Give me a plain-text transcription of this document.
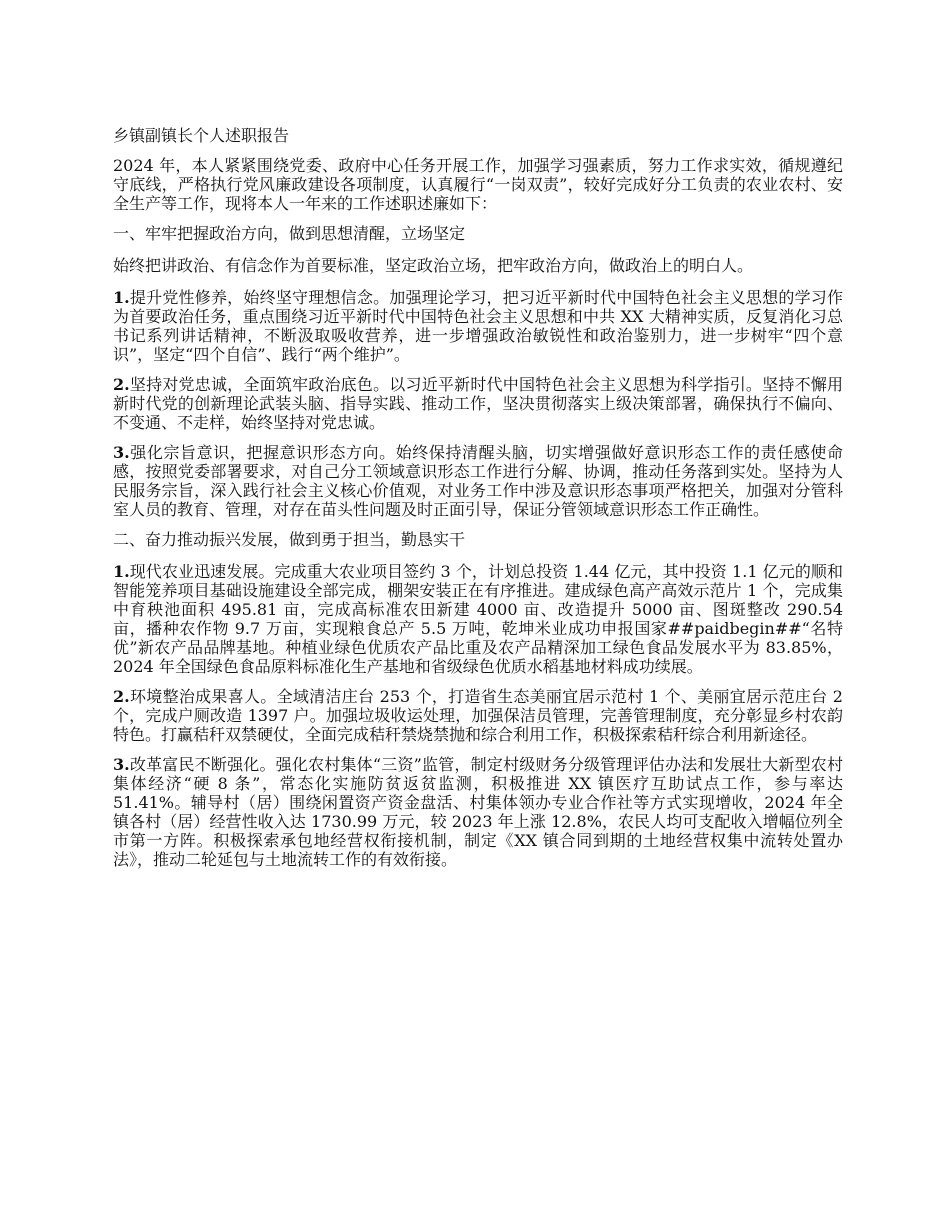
乡镇副镇长个人述职报告

2024 年，本人紧紧围绕党委、政府中心任务开展工作，加强学习强素质，努力工作求实效，循规遵纪守底线，严格执行党风廉政建设各项制度，认真履行“一岗双责”，较好完成好分工负责的农业农村、安全生产等工作，现将本人一年来的工作述职述廉如下：

一、牢牢把握政治方向，做到思想清醒，立场坚定

始终把讲政治、有信念作为首要标准，坚定政治立场，把牢政治方向，做政治上的明白人。

1.提升党性修养，始终坚守理想信念。加强理论学习，把习近平新时代中国特色社会主义思想的学习作为首要政治任务，重点围绕习近平新时代中国特色社会主义思想和中共 XX 大精神实质，反复消化习总书记系列讲话精神，不断汲取吸收营养，进一步增强政治敏锐性和政治鉴别力，进一步树牢“四个意识”，坚定“四个自信”、践行“两个维护”。

2.坚持对党忠诚，全面筑牢政治底色。以习近平新时代中国特色社会主义思想为科学指引。坚持不懈用新时代党的创新理论武装头脑、指导实践、推动工作，坚决贯彻落实上级决策部署，确保执行不偏向、不变通、不走样，始终坚持对党忠诚。

3.强化宗旨意识，把握意识形态方向。始终保持清醒头脑，切实增强做好意识形态工作的责任感使命感，按照党委部署要求，对自己分工领域意识形态工作进行分解、协调，推动任务落到实处。坚持为人民服务宗旨，深入践行社会主义核心价值观，对业务工作中涉及意识形态事项严格把关，加强对分管科室人员的教育、管理，对存在苗头性问题及时正面引导，保证分管领域意识形态工作正确性。

二、奋力推动振兴发展，做到勇于担当，勤恳实干

1.现代农业迅速发展。完成重大农业项目签约 3 个，计划总投资 1.44 亿元，其中投资 1.1 亿元的顺和智能笼养项目基础设施建设全部完成，棚架安装正在有序推进。建成绿色高产高效示范片 1 个，完成集中育秧池面积 495.81 亩，完成高标准农田新建 4000 亩、改造提升 5000 亩、图斑整改 290.54 亩，播种农作物 9.7 万亩，实现粮食总产 5.5 万吨，乾坤米业成功申报国家##paidbegin##“名特优”新农产品品牌基地。种植业绿色优质农产品比重及农产品精深加工绿色食品发展水平为 83.85%，2024 年全国绿色食品原料标准化生产基地和省级绿色优质水稻基地材料成功续展。

2.环境整治成果喜人。全域清洁庄台 253 个，打造省生态美丽宜居示范村 1 个、美丽宜居示范庄台 2 个，完成户厕改造 1397 户。加强垃圾收运处理，加强保洁员管理，完善管理制度，充分彰显乡村农韵特色。打赢秸秆双禁硬仗，全面完成秸秆禁烧禁抛和综合利用工作，积极探索秸秆综合利用新途径。

3.改革富民不断强化。强化农村集体“三资”监管，制定村级财务分级管理评估办法和发展壮大新型农村集体经济“硬 8 条”，常态化实施防贫返贫监测，积极推进 XX 镇医疗互助试点工作，参与率达 51.41%。辅导村（居）围绕闲置资产资金盘活、村集体领办专业合作社等方式实现增收，2024 年全镇各村（居）经营性收入达 1730.99 万元，较 2023 年上涨 12.8%，农民人均可支配收入增幅位列全市第一方阵。积极探索承包地经营权衔接机制，制定《XX 镇合同到期的土地经营权集中流转处置办法》，推动二轮延包与土地流转工作的有效衔接。
